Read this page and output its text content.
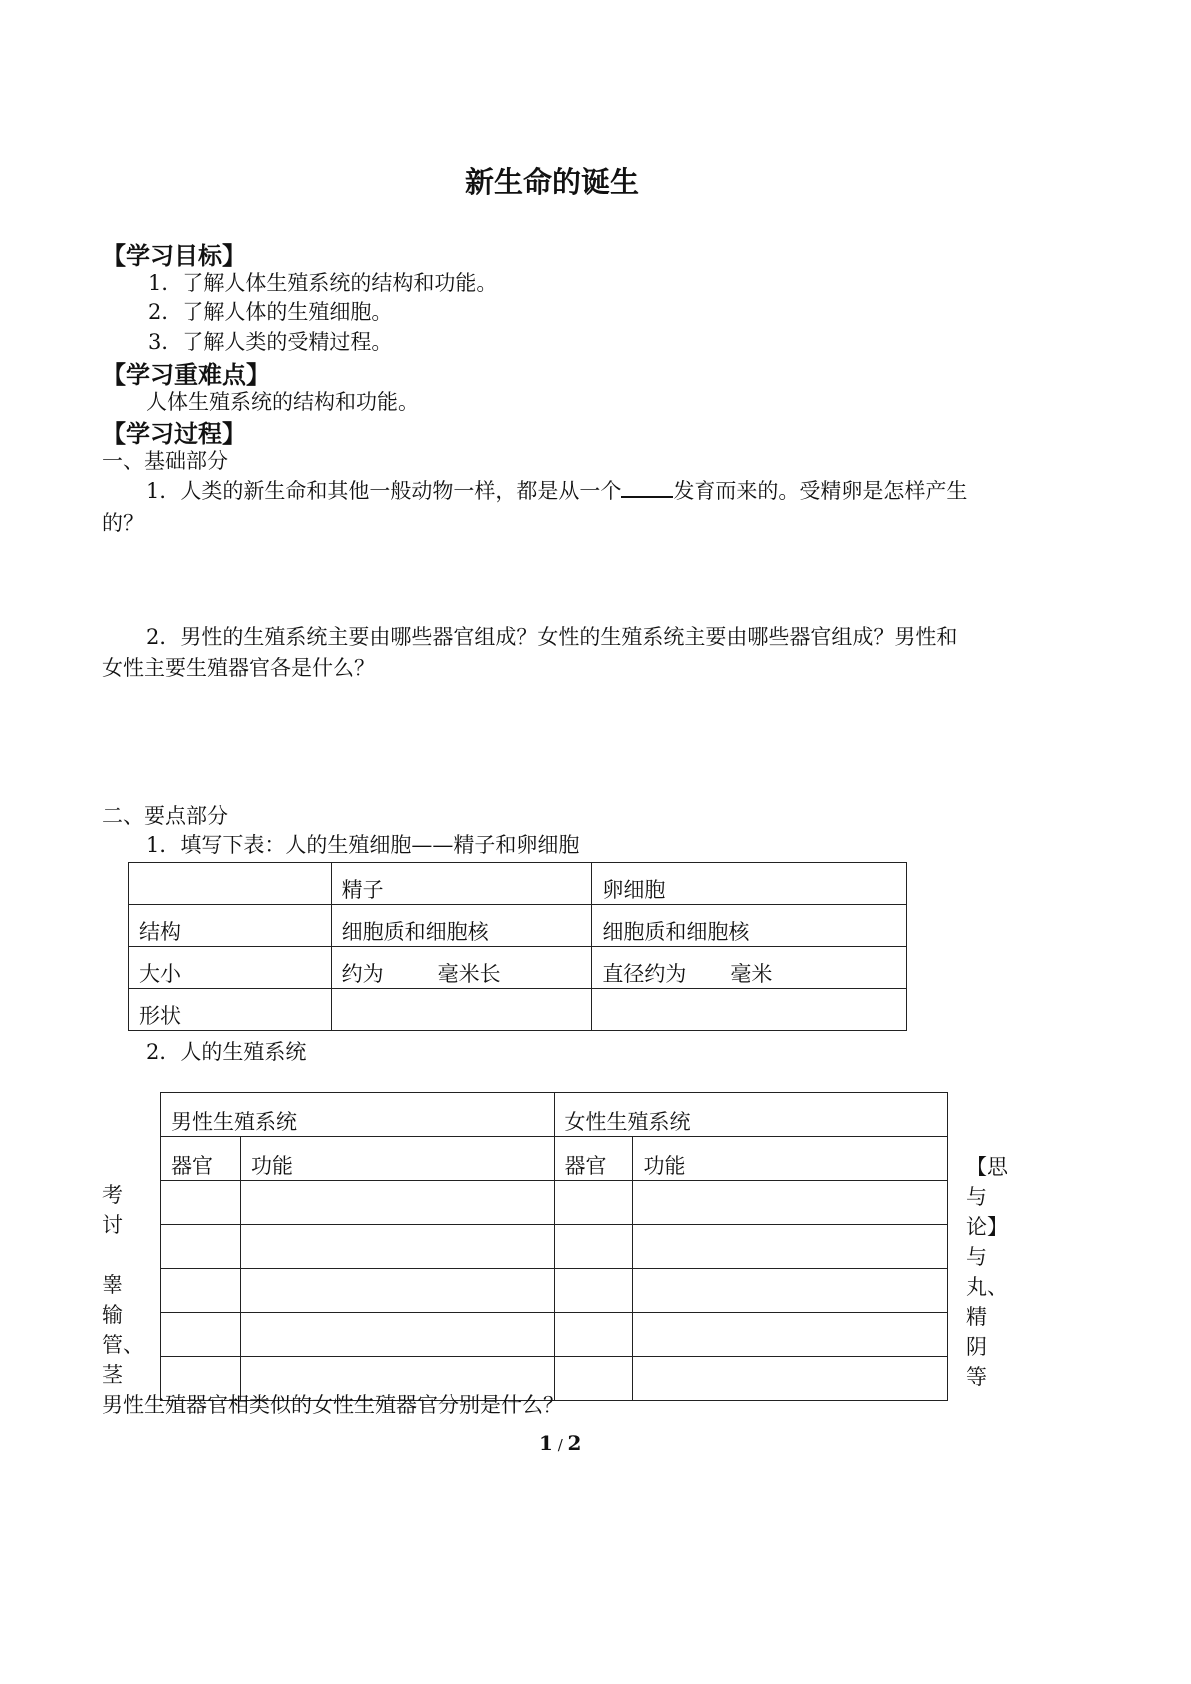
新生命的诞生
【学习目标】
1．了解人体生殖系统的结构和功能。
2．了解人体的生殖细胞。
3．了解人类的受精过程。
【学习重难点】
人体生殖系统的结构和功能。
【学习过程】
一、基础部分
1．人类的新生命和其他一般动物一样，都是从一个 发育而来的。受精卵是怎样产生
的？
2．男性的生殖系统主要由哪些器官组成？女性的生殖系统主要由哪些器官组成？男性和
女性主要生殖器官各是什么？
二、要点部分
1．填写下表：人的生殖细胞——精子和卵细胞
	精子	卵细胞
结构	细胞质和细胞核	细胞质和细胞核
大小	约为 毫米长	直径约为 毫米
形状		
2．人的生殖系统
男性生殖系统		女性生殖系统	
器官	功能	器官	功能

考
讨
睾
输
管、
茎
【思
与
论】
与
丸、
精
阴
等
男性生殖器官相类似的女性生殖器官分别是什么？
1 / 2
